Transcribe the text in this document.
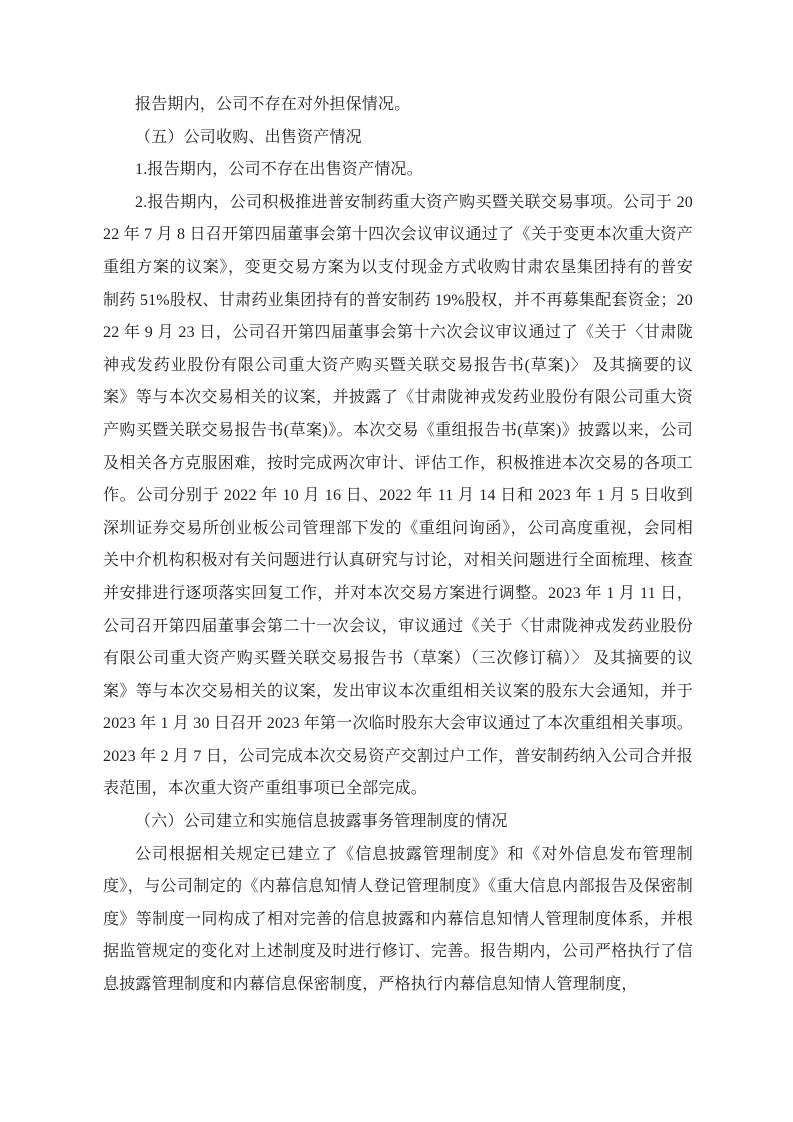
报告期内，公司不存在对外担保情况。

（五）公司收购、出售资产情况

1.报告期内，公司不存在出售资产情况。

2.报告期内，公司积极推进普安制药重大资产购买暨关联交易事项。公司于 2022 年 7 月 8 日召开第四届董事会第十四次会议审议通过了《关于变更本次重大资产重组方案的议案》，变更交易方案为以支付现金方式收购甘肃农垦集团持有的普安制药 51%股权、甘肃药业集团持有的普安制药 19%股权，并不再募集配套资金；2022 年 9 月 23 日，公司召开第四届董事会第十六次会议审议通过了《关于〈甘肃陇神戎发药业股份有限公司重大资产购买暨关联交易报告书(草案)〉 及其摘要的议案》等与本次交易相关的议案，并披露了《甘肃陇神戎发药业股份有限公司重大资产购买暨关联交易报告书(草案)》。本次交易《重组报告书(草案)》披露以来，公司及相关各方克服困难，按时完成两次审计、评估工作，积极推进本次交易的各项工作。公司分别于 2022 年 10 月 16 日、2022 年 11 月 14 日和 2023 年 1 月 5 日收到深圳证券交易所创业板公司管理部下发的《重组问询函》，公司高度重视，会同相关中介机构积极对有关问题进行认真研究与讨论，对相关问题进行全面梳理、核查并安排进行逐项落实回复工作，并对本次交易方案进行调整。2023 年 1 月 11 日，公司召开第四届董事会第二十一次会议，审议通过《关于〈甘肃陇神戎发药业股份有限公司重大资产购买暨关联交易报告书（草案）（三次修订稿）〉 及其摘要的议案》等与本次交易相关的议案，发出审议本次重组相关议案的股东大会通知，并于 2023 年 1 月 30 日召开 2023 年第一次临时股东大会审议通过了本次重组相关事项。2023 年 2 月 7 日，公司完成本次交易资产交割过户工作，普安制药纳入公司合并报表范围，本次重大资产重组事项已全部完成。

（六）公司建立和实施信息披露事务管理制度的情况

公司根据相关规定已建立了《信息披露管理制度》和《对外信息发布管理制度》，与公司制定的《内幕信息知情人登记管理制度》《重大信息内部报告及保密制度》等制度一同构成了相对完善的信息披露和内幕信息知情人管理制度体系，并根据监管规定的变化对上述制度及时进行修订、完善。报告期内，公司严格执行了信息披露管理制度和内幕信息保密制度，严格执行内幕信息知情人管理制度，
